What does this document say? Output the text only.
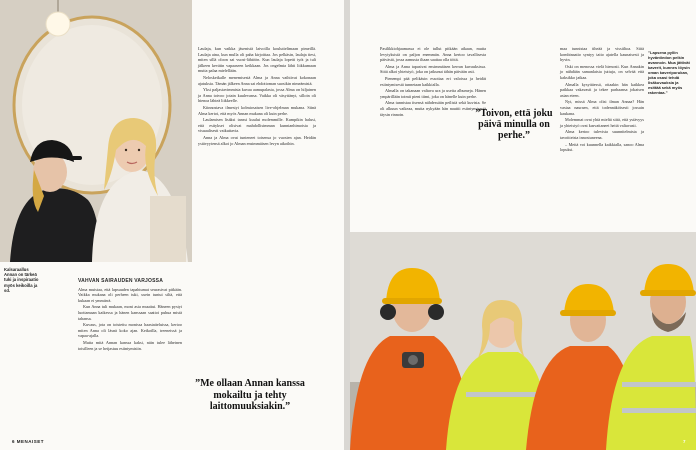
Kalsaraallus Annan on tärkeä tuki ja inspiraatio myös keikoilla ja sd.
VAHVAN SAIRAUDEN VARJOSSA

Alma muistaa, että lapsuuden tapahtumat seurasivat pitkään. Vaikka mukana oli perheen tuki, usein tuntui siltä, että kukaan ei ymmärrä.

Kun Anna tuli mukaan, moni asia muuttui. Häneen pystyi luottamaan kaikessa ja hänen kanssaan saattoi puhua mistä tahansa.

Kuvaus, jota on toistettu monissa haastatteluissa, kertoo miten Anna oli läsnä koko ajan. Keikoilla, treeneissä ja vapaa-ajalla.

Mutta mitä Annan kanssa kaksi, näin tulee läheinen toisilleen ja se heijastuu esiintymisiin.

Laulaja, kun vaikka jäsenistä laivoilla kouluttelimaan pimeillä. Laulaja aina, kun mulla oli paha kirjoittaa. Jos pelkäsin, laulaja tiesi, miten sillä oloon sai vuosi-lähtöön. Kun laulaja lopetti työt ja tuli jälkeen kevätin vapaaseen keikkaan. Jos ongelmia lähti liikkumaan mutta palaa mielellään.

Neloskeikalle menemisestä Alma ja Anna vaihtivat kokonaan ajatuksia. Tämän jälkeen Anna sai ehdottoman suosikin nimeämistä.

Yksi paljastavimmista kuvaa aamupalasta, jossa Alma on hiljainen ja Anna toivoo jotain kuulevansa. Vaikka oli väsyttänyt, silloin oli hienoa lähteä liikkeelle.

Kiinnostava ilmestyi kolmiosaisen live-ohjelman mukana. Siinä Alma kertoi, että myös Annan mukana oli kuin perhe.

Laulamisen lisäksi tanssi kuului molemmille. Kumpikin halusi, että esitykset olisivat mahdollisimman kunnianhimoisia ja visuaalisesti vaikuttavia.

Anna ja Alma ovat tunteneet toisensa jo vuosien ajan. Heidän ystävyytensä alkoi jo Alman ensimmäisen levyn aikoihin.

”Me ollaan Annan kanssa mokailtu ja tehty laittomuuksiakin.”
6 MENAISET

Pasilikkiohjaamassa ei ole tullut pitkään aikaan, mutta levytyksistä on paljon enemmän. Anna kertoo tavallisesta päivästä, jossa aamusta iltaan saattaa olla töitä.

Alma ja Anna tapasivat ensimmäisen kerran kuvauksissa. Siitä alkoi yhteistyö, joka on jatkunut tähän päivään asti.

Pienempi pää pelikäsin essottaa eri valoissa ja heidät esiintymisestä tunnetaan kaikkialla.

Almalla on takanaan valtava ura ja useita albumeja. Hänen ympärillään toimii pieni tiimi, joka on hänelle kuin perhe.

Alma tunnistaa itsensä nähdessään peilistä sekä kuvista. Se oli alkuun vaikeaa, mutta nykyään hän nauttii esiintymisestä täysin rinnoin.	”Toivon, että joku päivä minulla on perhe.”

maa tunnistaa tiheää ja vissiiltoa. Siitä kombinaatio syntyy taito ajatella kaunaisesti ja hyvin.

Oski on menossa vielä hienosti. Kun Annakin jo nähdään samanlaisia juttuja, on selvää että kaksikko jatkaa.

Almalla kysyttäessä, ottaakin hän kaikkea paikkaa vakavasti ja tekee parhaansa jokaisen asian eteen.

Nyt, missä Alma olisi ilman Annaa? Hän vastaa nauraen, että todennäköisesti jossain kaukana.

Molemmat ovat yhtä mieltä siitä, että ystävyys ja yhteistyö ovat kasvattaneet heitä valtavasti.

Alma kertoo tulevista suunnitelmista ja tavoitteista innostuneena.

– Meitä voi kuunnella kaikkialla, sanoo Alma lopuksi.

”Lapsena pyllin hyväntiedon pelkin avannoin. Mua jättivät kaverit, kunnes löysin oman kaveriporukan, joka osasi tehdä lisäkuvauksia ja esittää sekä myös rakentaa.”
7
